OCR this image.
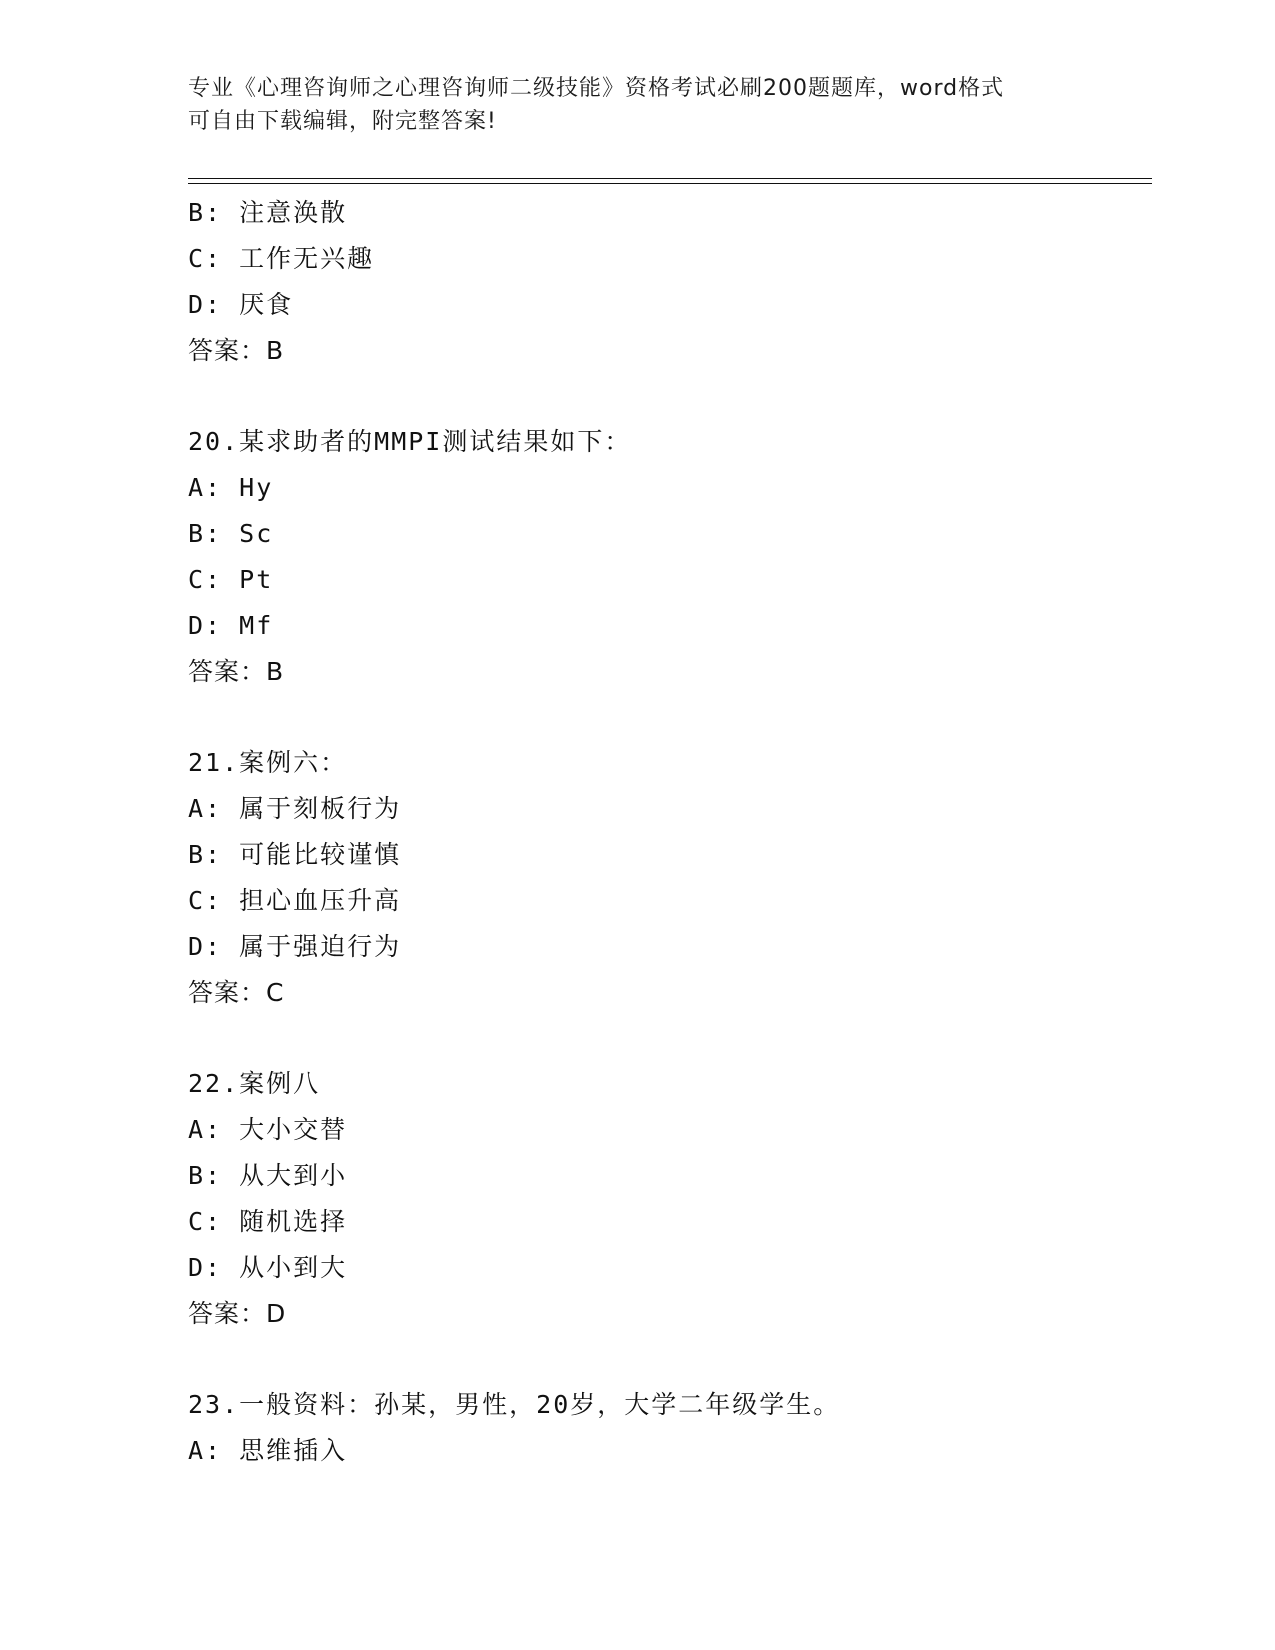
专业《心理咨询师之心理咨询师二级技能》资格考试必刷200题题库，word格式
可自由下载编辑，附完整答案!
B: 注意涣散
C: 工作无兴趣
D: 厌食
答案：B
20.某求助者的MMPI测试结果如下：
A: Hy
B: Sc
C: Pt
D: Mf
答案：B
21.案例六：
A: 属于刻板行为
B: 可能比较谨慎
C: 担心血压升高
D: 属于强迫行为
答案：C
22.案例八
A: 大小交替
B: 从大到小
C: 随机选择
D: 从小到大
答案：D
23.一般资料：孙某，男性，20岁，大学二年级学生。
A: 思维插入
